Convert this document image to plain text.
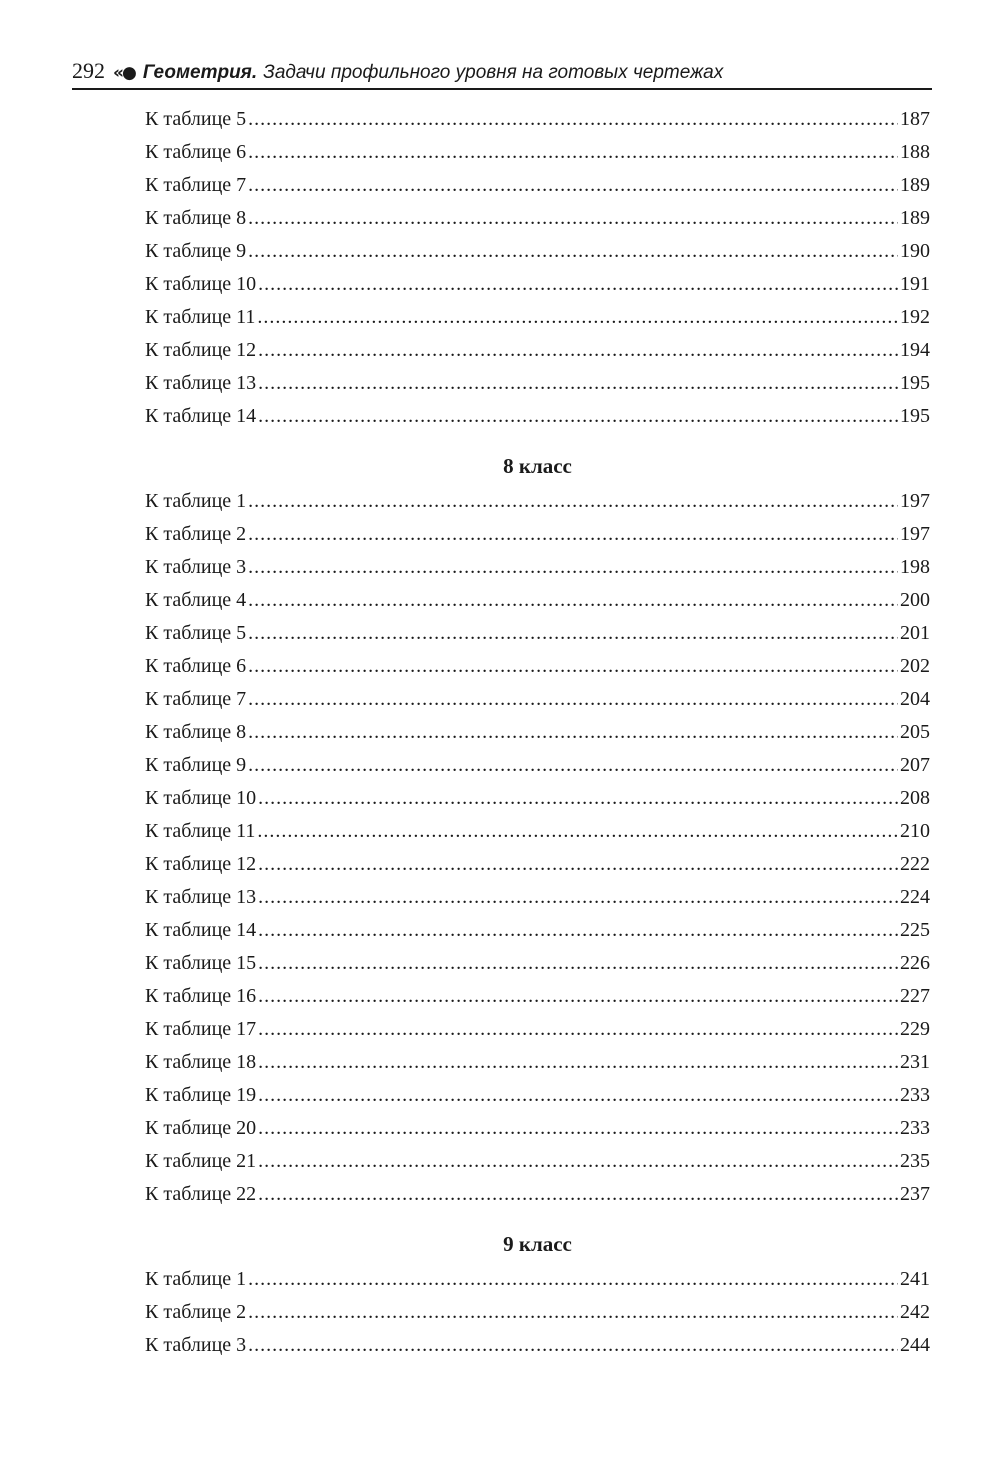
292 «● Геометрия. Задачи профильного уровня на готовых чертежах
К таблице 5 .....	187
К таблице 6 .....	188
К таблице 7 .....	189
К таблице 8 .....	189
К таблице 9 .....	190
К таблице 10 .....	191
К таблице 11 .....	192
К таблице 12 .....	194
К таблице 13 .....	195
К таблице 14 .....	195
8 класс
К таблице 1 .....	197
К таблице 2 .....	197
К таблице 3 .....	198
К таблице 4 .....	200
К таблице 5 .....	201
К таблице 6 .....	202
К таблице 7 .....	204
К таблице 8 .....	205
К таблице 9 .....	207
К таблице 10 .....	208
К таблице 11 .....	210
К таблице 12 .....	222
К таблице 13 .....	224
К таблице 14 .....	225
К таблице 15 .....	226
К таблице 16 .....	227
К таблице 17 .....	229
К таблице 18 .....	231
К таблице 19 .....	233
К таблице 20 .....	233
К таблице 21 .....	235
К таблице 22 .....	237
9 класс
К таблице 1 .....	241
К таблице 2 .....	242
К таблице 3 .....	244
